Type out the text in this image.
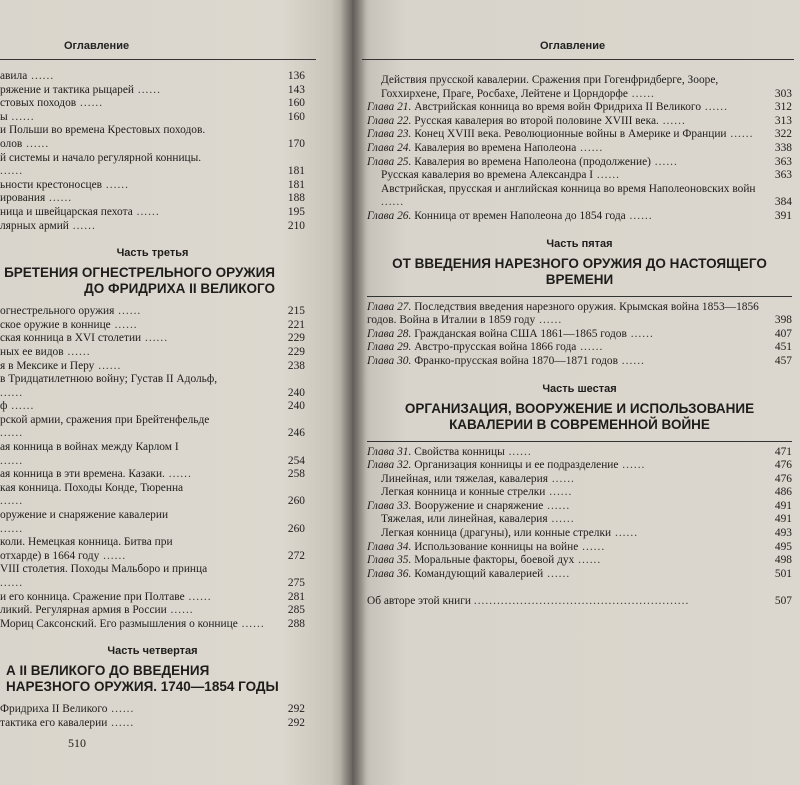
Оглавление
авила ......	136
ряжение и тактика рыцарей ......	143
стовых походов ......	160
ы ......	160
и Польши во времена Крестовых походов.
олов ......	170
й системы и начало регулярной конницы.
......	181
ьности крестоносцев ......	181
ирования ......	188
ница и швейцарская пехота ......	195
лярных армий ......	210
Часть третья
БРЕТЕНИЯ ОГНЕСТРЕЛЬНОГО ОРУЖИЯ ДО ФРИДРИХА II ВЕЛИКОГО
огнестрельного оружия ......	215
ское оружие в коннице ......	221
ская конница в XVI столетии ......	229
ных ее видов ......	229
я в Мексике и Перу ......	238
в Тридцатилетнюю войну; Густав II Адольф,
......	240
ф ......	240
рской армии, сражения при Брейтенфельде
......	246
ая конница в войнах между Карлом I
......	254
ая конница в эти времена. Казаки. ......	258
кая конница. Походы Конде, Тюренна
......	260
оружение и снаряжение кавалерии
......	260
коли. Немецкая конница. Битва при
отхарде) в 1664 году ......	272
VIII столетия. Походы Мальборо и принца
......	275
и его конница. Сражение при Полтаве ......	281
ликий. Регулярная армия в России ......	285
Мориц Саксонский. Его размышления о коннице ......	288
Часть четвертая
А II ВЕЛИКОГО ДО ВВЕДЕНИЯ НАРЕЗНОГО ОРУЖИЯ. 1740—1854 ГОДЫ
Фридриха II Великого ......	292
тактика его кавалерии ......	292
510
Оглавление
Действия прусской кавалерии. Сражения при Гогенфридберге, Зооре, Гоххирхене, Праге, Росбахе, Лейтене и Цорндорфе ......	303
Глава 21. Австрийская конница во время войн Фридриха II Великого ......	312
Глава 22. Русская кавалерия во второй половине XVIII века. ......	313
Глава 23. Конец XVIII века. Революционные войны в Америке и Франции ......	322
Глава 24. Кавалерия во времена Наполеона ......	338
Глава 25. Кавалерия во времена Наполеона (продолжение) ......	363
Русская кавалерия во времена Александра I ......	363
Австрийская, прусская и английская конница во время Наполеоновских войн ......	384
Глава 26. Конница от времен Наполеона до 1854 года ......	391
Часть пятая
ОТ ВВЕДЕНИЯ НАРЕЗНОГО ОРУЖИЯ ДО НАСТОЯЩЕГО ВРЕМЕНИ
Глава 27. Последствия введения нарезного оружия. Крымская война 1853—1856 годов. Война в Италии в 1859 году ......	398
Глава 28. Гражданская война США 1861—1865 годов ......	407
Глава 29. Австро-прусская война 1866 года ......	451
Глава 30. Франко-прусская война 1870—1871 годов ......	457
Часть шестая
ОРГАНИЗАЦИЯ, ВООРУЖЕНИЕ И ИСПОЛЬЗОВАНИЕ КАВАЛЕРИИ В СОВРЕМЕННОЙ ВОЙНЕ
Глава 31. Свойства конницы ......	471
Глава 32. Организация конницы и ее подразделение ......	476
Линейная, или тяжелая, кавалерия ......	476
Легкая конница и конные стрелки ......	486
Глава 33. Вооружение и снаряжение ......	491
Тяжелая, или линейная, кавалерия ......	491
Легкая конница (драгуны), или конные стрелки ......	493
Глава 34. Использование конницы на войне ......	495
Глава 35. Моральные факторы, боевой дух ......	498
Глава 36. Командующий кавалерией ......	501
Об авторе этой книги ........................................................	507
